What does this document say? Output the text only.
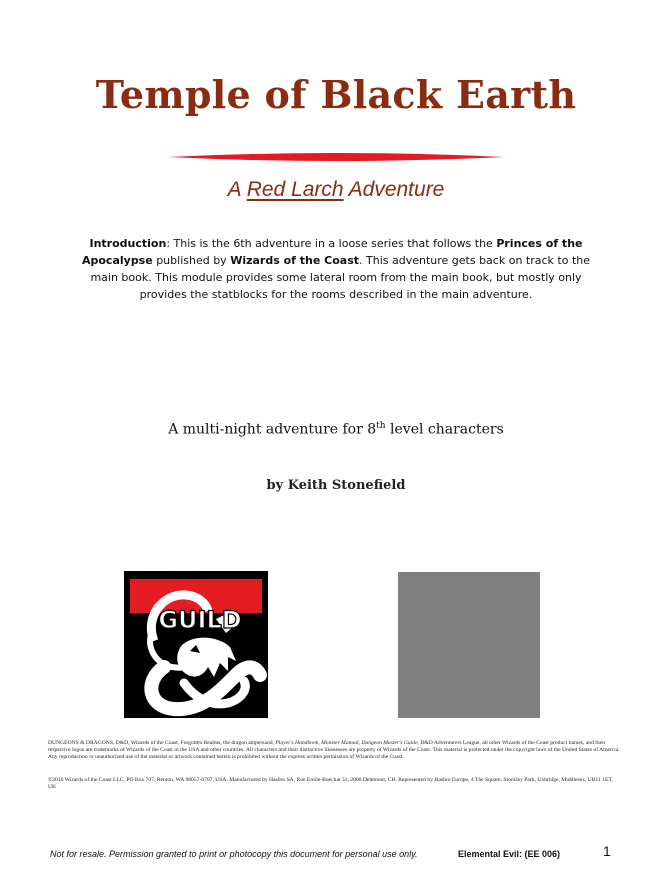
Temple of Black Earth
A Red Larch Adventure
Introduction: This is the 6th adventure in a loose series that follows the Princes of the Apocalypse published by Wizards of the Coast. This adventure gets back on track to the main book. This module provides some lateral room from the main book, but mostly only provides the statblocks for the rooms described in the main adventure.
A multi-night adventure for 8th level characters
by Keith Stonefield
GUILD
DUNGEONS & DRAGONS, D&D, Wizards of the Coast, Forgotten Realms, the dragon ampersand, Player's Handbook, Monster Manual, Dungeon Master's Guide, D&D Adventurers League, all other Wizards of the Coast product names, and their respective logos are trademarks of Wizards of the Coast in the USA and other countries. All characters and their distinctive likenesses are property of Wizards of the Coast. This material is protected under the copyright laws of the United States of America. Any reproduction or unauthorized use of the material or artwork contained herein is prohibited without the express written permission of Wizards of the Coast.
©2016 Wizards of the Coast LLC, PO Box 707, Renton, WA 98057-0707, USA. Manufactured by Hasbro SA, Rue Emile-Boéchat 31, 2800 Delémont, CH. Represented by Hasbro Europe, 4 The Square, Stockley Park, Uxbridge, Middlesex, UB11 1ET, UK
Not for resale. Permission granted to print or photocopy this document for personal use only.	Elemental Evil: (EE 006)	1
